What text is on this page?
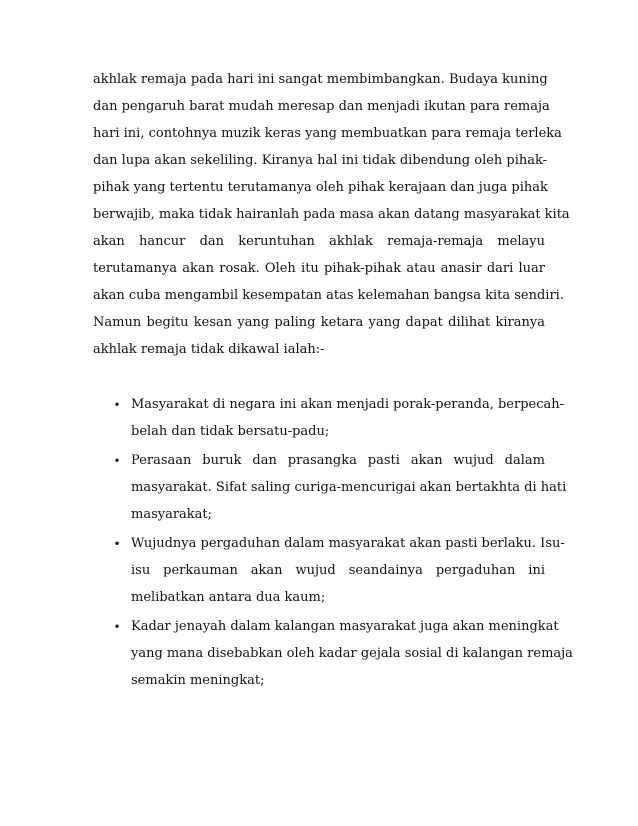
akhlak remaja pada hari ini sangat membimbangkan. Budaya kuning
dan pengaruh barat mudah meresap dan menjadi ikutan para remaja
hari ini, contohnya muzik keras yang membuatkan para remaja terleka
dan lupa akan sekeliling. Kiranya hal ini tidak dibendung oleh pihak-
pihak yang tertentu terutamanya oleh pihak kerajaan dan juga pihak
berwajib, maka tidak hairanlah pada masa akan datang masyarakat kita
akan hancur dan keruntuhan akhlak remaja-remaja melayu
terutamanya akan rosak. Oleh itu pihak-pihak atau anasir dari luar
akan cuba mengambil kesempatan atas kelemahan bangsa kita sendiri.
Namun begitu kesan yang paling ketara yang dapat dilihat kiranya
akhlak remaja tidak dikawal ialah:-
• Masyarakat di negara ini akan menjadi porak-peranda, berpecah-
belah dan tidak bersatu-padu;
• Perasaan buruk dan prasangka pasti akan wujud dalam
masyarakat. Sifat saling curiga-mencurigai akan bertakhta di hati
masyarakat;
• Wujudnya pergaduhan dalam masyarakat akan pasti berlaku. Isu-
isu perkauman akan wujud seandainya pergaduhan ini
melibatkan antara dua kaum;
• Kadar jenayah dalam kalangan masyarakat juga akan meningkat
yang mana disebabkan oleh kadar gejala sosial di kalangan remaja
semakin meningkat;
